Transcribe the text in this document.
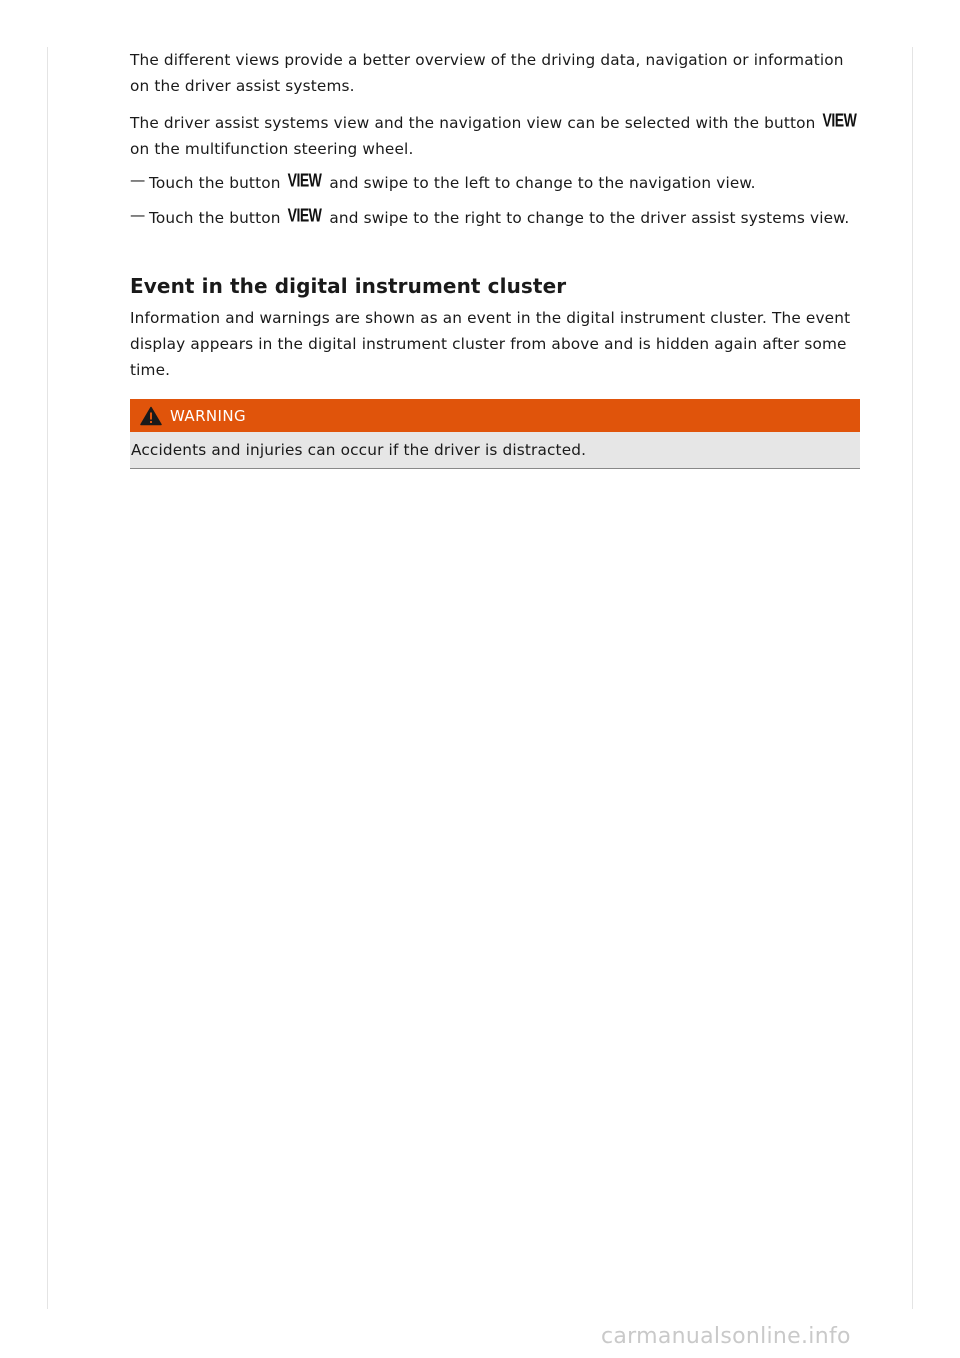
The different views provide a better overview of the driving data, navigation or information on the driver assist systems.

The driver assist systems view and the navigation view can be selected with the button VIEW on the multifunction steering wheel.

— Touch the button VIEW and swipe to the left to change to the navigation view.

— Touch the button VIEW and swipe to the right to change to the driver assist systems view.

Event in the digital instrument cluster

Information and warnings are shown as an event in the digital instrument cluster. The event display appears in the digital instrument cluster from above and is hidden again after some time.

WARNING

Accidents and injuries can occur if the driver is distracted.

carmanualsonline.info
